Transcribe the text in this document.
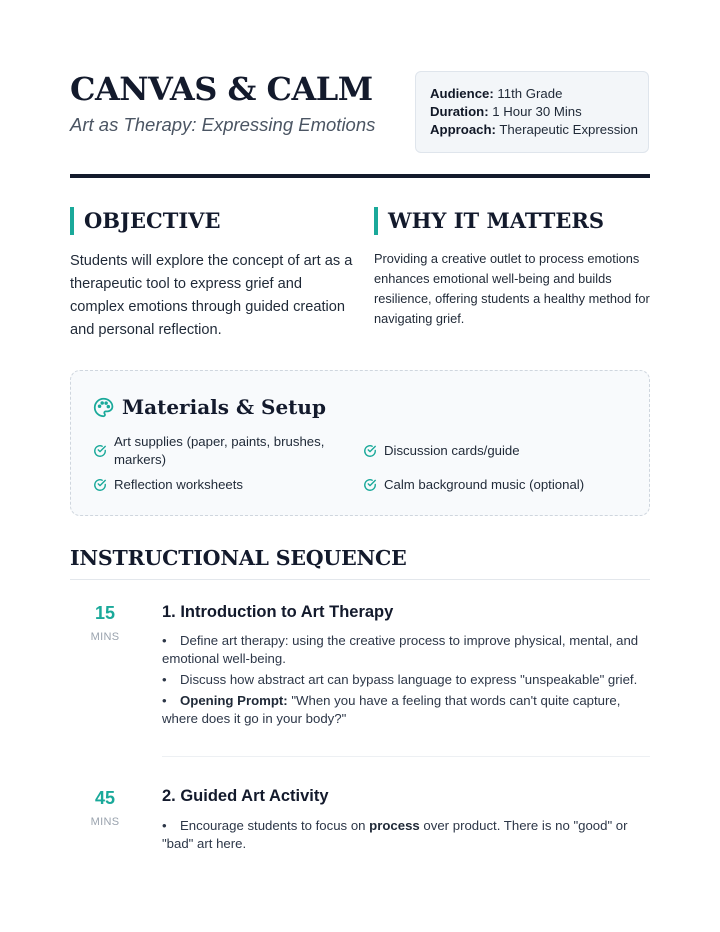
CANVAS & CALM
Art as Therapy: Expressing Emotions
Audience: 11th Grade
Duration: 1 Hour 30 Mins
Approach: Therapeutic Expression
OBJECTIVE
Students will explore the concept of art as a therapeutic tool to express grief and complex emotions through guided creation and personal reflection.
WHY IT MATTERS
Providing a creative outlet to process emotions enhances emotional well-being and builds resilience, offering students a healthy method for navigating grief.
Materials & Setup
Art supplies (paper, paints, brushes, markers)
Discussion cards/guide
Reflection worksheets	Calm background music (optional)
INSTRUCTIONAL SEQUENCE
15
MINS
1. Introduction to Art Therapy
• Define art therapy: using the creative process to improve physical, mental, and emotional well-being.
• Discuss how abstract art can bypass language to express "unspeakable" grief.
• Opening Prompt: "When you have a feeling that words can't quite capture, where does it go in your body?"
45
MINS
2. Guided Art Activity
• Encourage students to focus on process over product. There is no "good" or "bad" art here.
